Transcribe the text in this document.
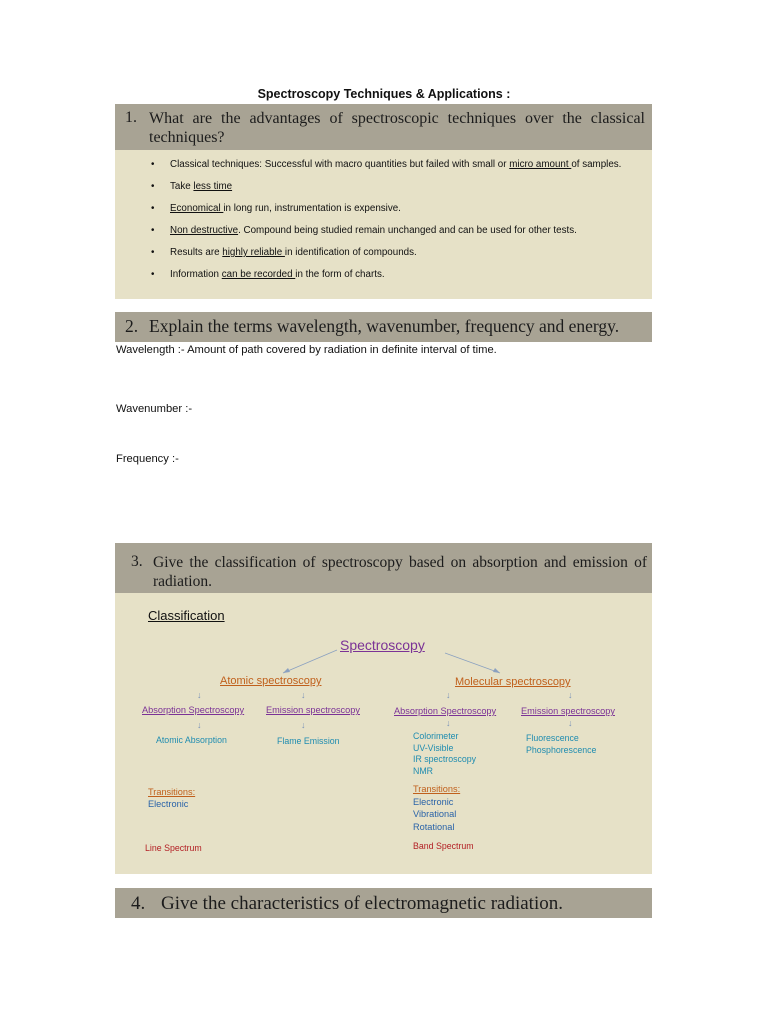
Spectroscopy Techniques & Applications :
1. What are the advantages of spectroscopic techniques over the classical techniques?
• Classical techniques: Successful with macro quantities but failed with small or micro amount of samples.
• Take less time
• Economical in long run, instrumentation is expensive.
• Non destructive. Compound being studied remain unchanged and can be used for other tests.
• Results are highly reliable in identification of compounds.
• Information can be recorded in the form of charts.
2. Explain the terms wavelength, wavenumber, frequency and energy.
Wavelength :- Amount of path covered by radiation in definite interval of time.
Wavenumber :-
Frequency :-
3. Give the classification of spectroscopy based on absorption and emission of radiation.
Classification
Spectroscopy
Atomic spectroscopy	Molecular spectroscopy
↓	↓	↓	↓
Absorption Spectroscopy Emission spectroscopy	Absorption Spectroscopy	Emission spectroscopy
↓	↓	↓	↓
Atomic Absorption	Flame Emission	Colorimeter
UV-Visible
IR spectroscopy
NMR
Fluorescence
Phosphorescence
Transitions:
Electronic
Transitions:
Electronic
Vibrational
Rotational
Line Spectrum	Band Spectrum
4. Give the characteristics of electromagnetic radiation.
